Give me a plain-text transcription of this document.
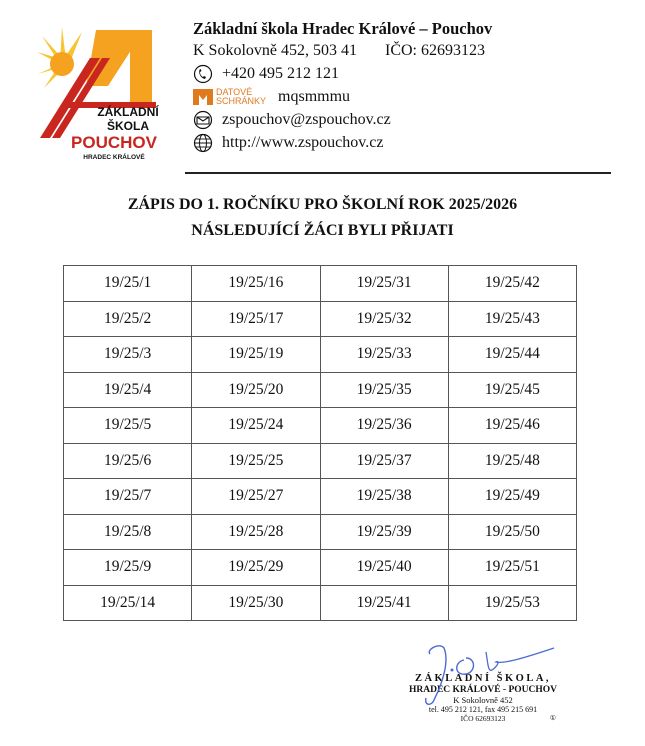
ZÁKLADNÍ
ŠKOLA
POUCHOV
HRADEC KRÁLOVÉ
Základní škola Hradec Králové – Pouchov
K Sokolovně 452, 503 41 IČO: 62693123
+420 495 212 121
DATOVÉ
SCHRÁNKY mqsmmmu
zspouchov@zspouchov.cz
http://www.zspouchov.cz
ZÁPIS DO 1. ROČNÍKU PRO ŠKOLNÍ ROK 2025/2026
NÁSLEDUJÍCÍ ŽÁCI BYLI PŘIJATI
19/25/1	19/25/16	19/25/31	19/25/42
19/25/2	19/25/17	19/25/32	19/25/43
19/25/3	19/25/19	19/25/33	19/25/44
19/25/4	19/25/20	19/25/35	19/25/45
19/25/5	19/25/24	19/25/36	19/25/46
19/25/6	19/25/25	19/25/37	19/25/48
19/25/7	19/25/27	19/25/38	19/25/49
19/25/8	19/25/28	19/25/39	19/25/50
19/25/9	19/25/29	19/25/40	19/25/51
19/25/14	19/25/30	19/25/41	19/25/53
ZÁKLADNÍ ŠKOLA,
HRADEC KRÁLOVÉ - POUCHOV
K Sokolovně 452
tel. 495 212 121, fax 495 215 691
IČO 62693123	①
